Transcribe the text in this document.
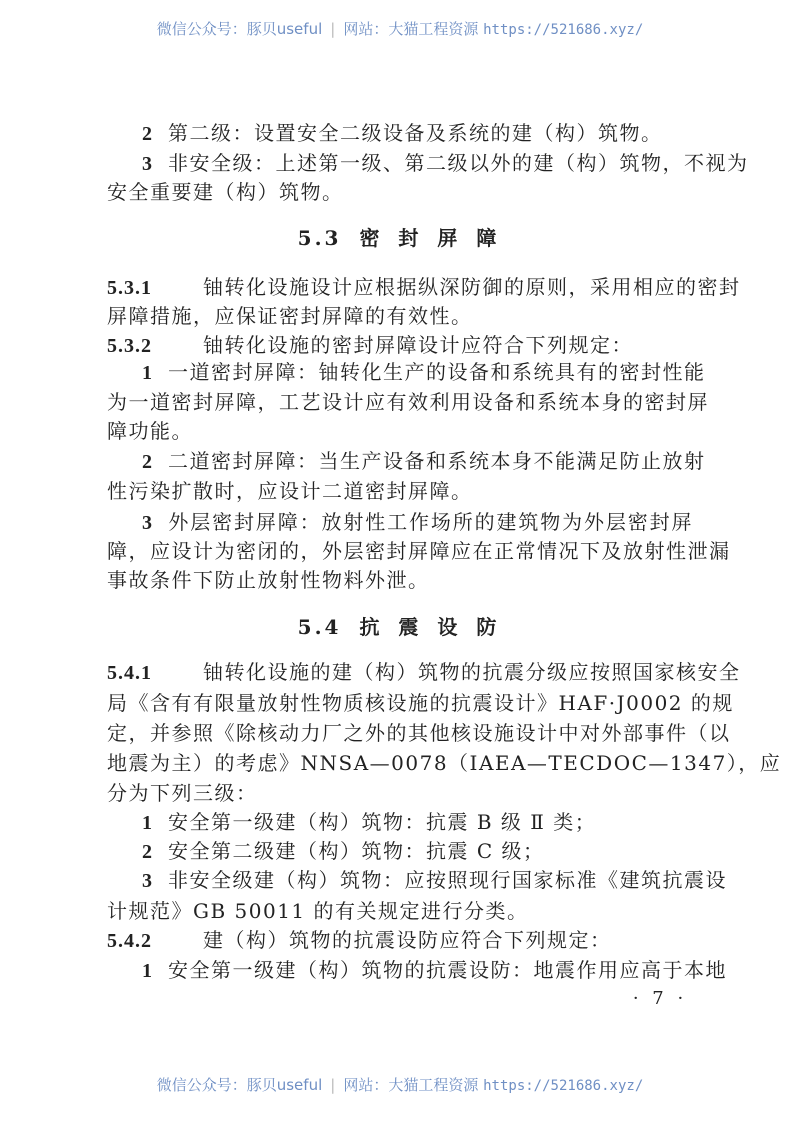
微信公众号：豚贝useful | 网站：大猫工程资源 https://521686.xyz/
2 第二级：设置安全二级设备及系统的建（构）筑物。
3 非安全级：上述第一级、第二级以外的建（构）筑物，不视为
安全重要建（构）筑物。
5.3 密 封 屏 障
5.3.1	铀转化设施设计应根据纵深防御的原则，采用相应的密封
屏障措施，应保证密封屏障的有效性。
5.3.2	铀转化设施的密封屏障设计应符合下列规定：
1 一道密封屏障：铀转化生产的设备和系统具有的密封性能
为一道密封屏障，工艺设计应有效利用设备和系统本身的密封屏
障功能。
2 二道密封屏障：当生产设备和系统本身不能满足防止放射
性污染扩散时，应设计二道密封屏障。
3 外层密封屏障：放射性工作场所的建筑物为外层密封屏
障，应设计为密闭的，外层密封屏障应在正常情况下及放射性泄漏
事故条件下防止放射性物料外泄。
5.4 抗 震 设 防
5.4.1	铀转化设施的建（构）筑物的抗震分级应按照国家核安全
局《含有有限量放射性物质核设施的抗震设计》HAF·J0002 的规
定，并参照《除核动力厂之外的其他核设施设计中对外部事件（以
地震为主）的考虑》NNSA—0078（IAEA—TECDOC—1347），应
分为下列三级：
1 安全第一级建（构）筑物：抗震 B 级 Ⅱ 类；
2 安全第二级建（构）筑物：抗震 C 级；
3 非安全级建（构）筑物：应按照现行国家标准《建筑抗震设
计规范》GB 50011 的有关规定进行分类。
5.4.2	建（构）筑物的抗震设防应符合下列规定：
1 安全第一级建（构）筑物的抗震设防：地震作用应高于本地
· 7 ·
微信公众号：豚贝useful | 网站：大猫工程资源 https://521686.xyz/
